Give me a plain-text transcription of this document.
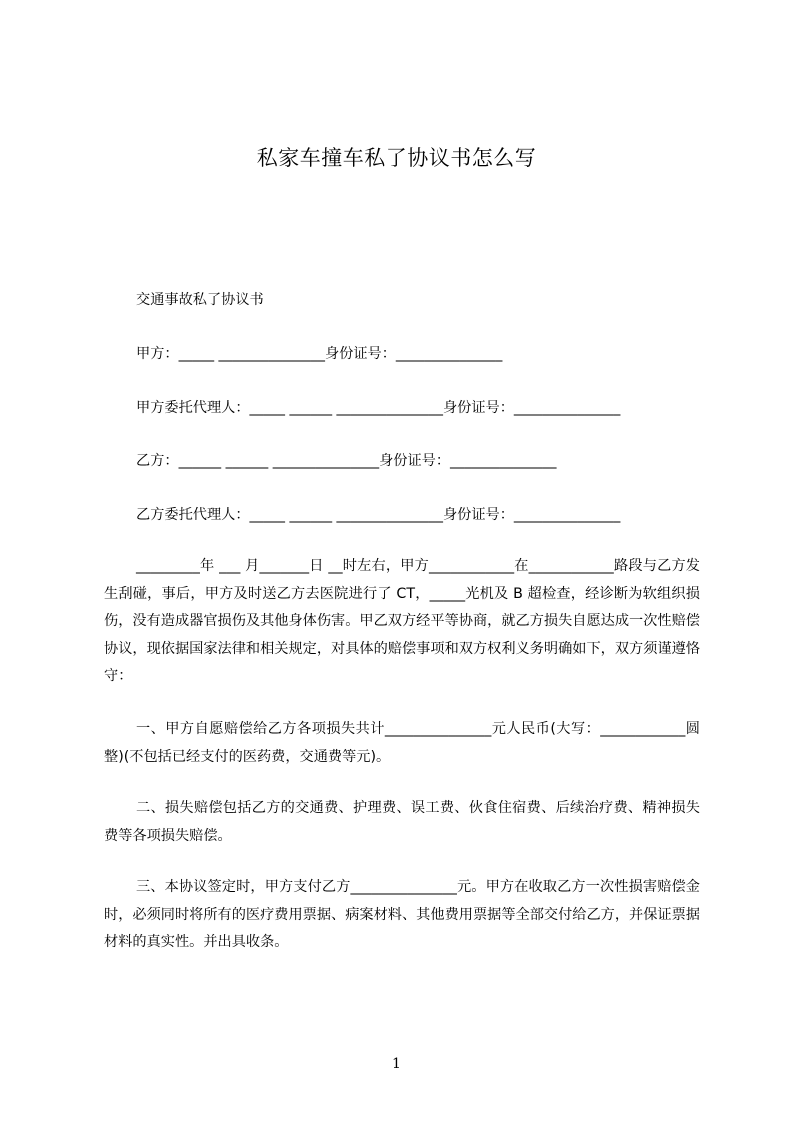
私家车撞车私了协议书怎么写
交通事故私了协议书
甲方：_____ _______________身份证号：_______________
甲方委托代理人：_____ ______ _______________身份证号：_______________
乙方：______ ______ _______________身份证号：_______________
乙方委托代理人：_____ ______ _______________身份证号：_______________
_________年 ___ 月_______日 __时左右，甲方____________在____________路段与乙方发生刮碰，事后，甲方及时送乙方去医院进行了 CT，_____光机及 B 超检查，经诊断为软组织损伤，没有造成器官损伤及其他身体伤害。甲乙双方经平等协商，就乙方损失自愿达成一次性赔偿协议，现依据国家法律和相关规定，对具体的赔偿事项和双方权利义务明确如下，双方须谨遵恪守：
一、甲方自愿赔偿给乙方各项损失共计_______________元人民币(大写：____________圆整)(不包括已经支付的医药费，交通费等元)。
二、损失赔偿包括乙方的交通费、护理费、误工费、伙食住宿费、后续治疗费、精神损失费等各项损失赔偿。
三、本协议签定时，甲方支付乙方_______________元。甲方在收取乙方一次性损害赔偿金时，必须同时将所有的医疗费用票据、病案材料、其他费用票据等全部交付给乙方，并保证票据材料的真实性。并出具收条。
1
